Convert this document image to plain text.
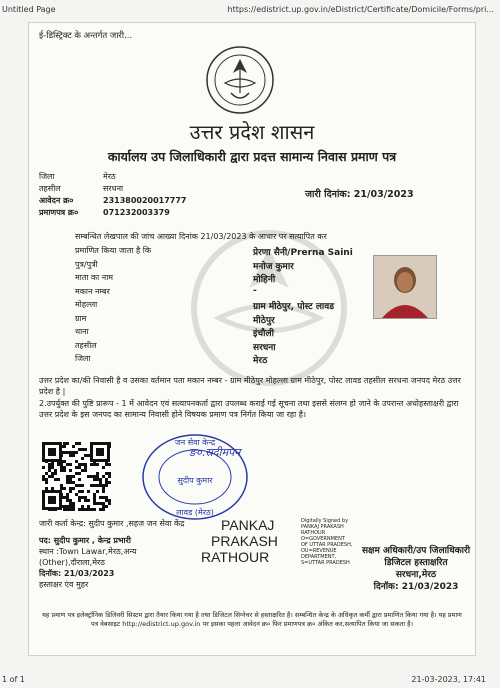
Untitled Page	https://edistrict.up.gov.in/eDistrict/Certificate/Domicile/Forms/pri...
ई-डिस्ट्रिक्ट के अन्तर्गत जारी...
उत्तर प्रदेश शासन
कार्यालय उप जिलाधिकारी द्वारा प्रदत्त सामान्य निवास प्रमाण पत्र
जिला	मेरठ
तहसील	सरधना
आवेदन क्र०	231380020017777
प्रमाणपत्र क्र०	071232003379
जारी दिनांक: 21/03/2023
सम्बन्धित लेखपाल की जांच आख्या दिनांक 21/03/2023 के आधार पर सत्यापित कर
प्रमाणित किया जाता है कि	प्रेरणा सैनी/Prerna Saini
पुत्र/पुत्री	मनोज कुमार
माता का नाम	मोहिनी
मकान नम्बर	-
मोहल्ला	ग्राम मीठेपुर, पोस्ट लावड
ग्राम	मीठेपुर
थाना	इंचौली
तहसील	सरधना
जिला	मेरठ
उत्तर प्रदेश का/की निवासी है व उसका वर्तमान पता मकान नम्बर - ग्राम मीठेपुर मोहल्ला ग्राम मीठेपुर, पोस्ट लावड तहसील सरधना जनपद मेरठ उत्तर प्रदेश है |
2.उपर्युक्त की पुष्टि प्रारूप - 1 में आवेदन एवं सत्यापनकर्ता द्वारा उपलब्ध कराई गई सूचना तथा इससे संलग्न हो जाने के उपरान्त अधोहस्ताक्षरी द्वारा उत्तर प्रदेश के इस जनपद का सामान्य निवासी होने विषयक प्रमाण पत्र निर्गत किया जा रहा है।
जन सेवा केन्द्र
सुदीप कुमार
लावड (मेरठ)
ङ०.स्रदीमपन
जारी कर्ता केन्द्र: सुदीप कुमार ,सहज जन सेवा केंद्र
पद: सुदीप कुमार , केन्द्र प्रभारी
स्थान :Town Lawar,मेरठ,अन्य
(Other),दौराला,मेरठ
दिनॉक: 21/03/2023
हस्ताक्षर एंव मुहर
PANKAJ
PRAKASH
RATHOUR
Digitally Signed by PANKAJ PRAKASH RATHOUR O=GOVERNMENT OF UTTAR PRADESH, OU=REVENUE DEPARTMENT, S=UTTAR PRADESH
सक्षम अधिकारी/उप जिलाधिकारी
डिजिटल हस्ताक्षरित
सरधना,मेरठ
दिनॉक: 21/03/2023
यह प्रमाण पत्र इलेक्ट्रॉनिक डिलिवरी सिस्टम द्वारा तैयार किया गया है तथा डिजिटल सिग्नेचर से हस्ताक्षरित है। सम्बन्धित केन्द्र के अधिकृत कर्मी द्वारा प्रमाणित किया गया है। यह प्रमाण पत्र वेबसाइट http://edistrict.up.gov.in पर इसका पहला आवेदन क्र० फिर प्रमाणपत्र क्र० अंकित कर,सत्यापित किया जा सकता है।
1 of 1	21-03-2023, 17:41
